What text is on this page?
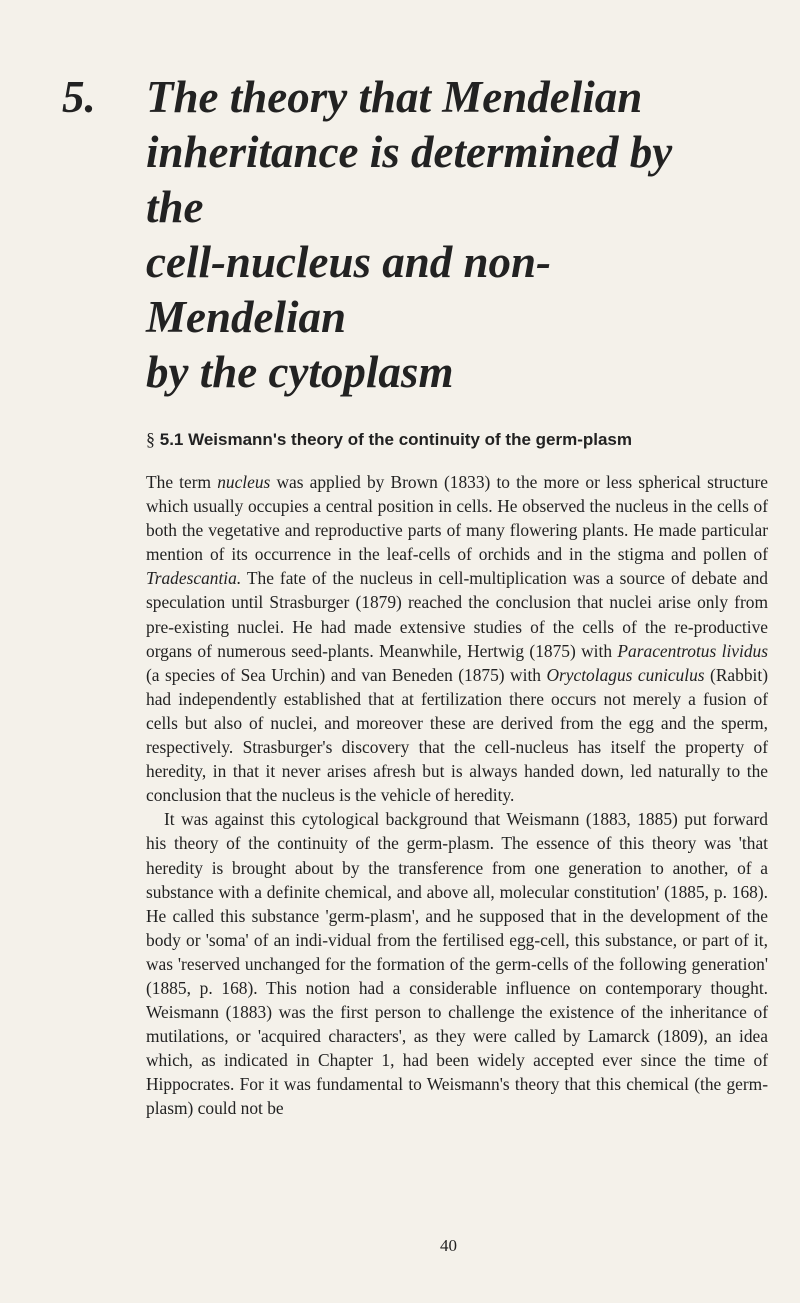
5. The theory that Mendelian
inheritance is determined by the
cell-nucleus and non-Mendelian
by the cytoplasm
§ 5.1 Weismann's theory of the continuity of the germ-plasm

The term nucleus was applied by Brown (1833) to the more or less spherical structure which usually occupies a central position in cells. He observed the nucleus in the cells of both the vegetative and reproductive parts of many flowering plants. He made particular mention of its occurrence in the leaf-cells of orchids and in the stigma and pollen of Tradescantia. The fate of the nucleus in cell-multiplication was a source of debate and speculation until Strasburger (1879) reached the conclusion that nuclei arise only from pre-existing nuclei. He had made extensive studies of the cells of the re-productive organs of numerous seed-plants. Meanwhile, Hertwig (1875) with Paracentrotus lividus (a species of Sea Urchin) and van Beneden (1875) with Oryctolagus cuniculus (Rabbit) had independently established that at fertilization there occurs not merely a fusion of cells but also of nuclei, and moreover these are derived from the egg and the sperm, respectively. Strasburger's discovery that the cell-nucleus has itself the property of heredity, in that it never arises afresh but is always handed down, led naturally to the conclusion that the nucleus is the vehicle of heredity.

It was against this cytological background that Weismann (1883, 1885) put forward his theory of the continuity of the germ-plasm. The essence of this theory was 'that heredity is brought about by the transference from one generation to another, of a substance with a definite chemical, and above all, molecular constitution' (1885, p. 168). He called this substance 'germ-plasm', and he supposed that in the development of the body or 'soma' of an indi-vidual from the fertilised egg-cell, this substance, or part of it, was 'reserved unchanged for the formation of the germ-cells of the following generation' (1885, p. 168). This notion had a considerable influence on contemporary thought. Weismann (1883) was the first person to challenge the existence of the inheritance of mutilations, or 'acquired characters', as they were called by Lamarck (1809), an idea which, as indicated in Chapter 1, had been widely accepted ever since the time of Hippocrates. For it was fundamental to Weismann's theory that this chemical (the germ-plasm) could not be

40
